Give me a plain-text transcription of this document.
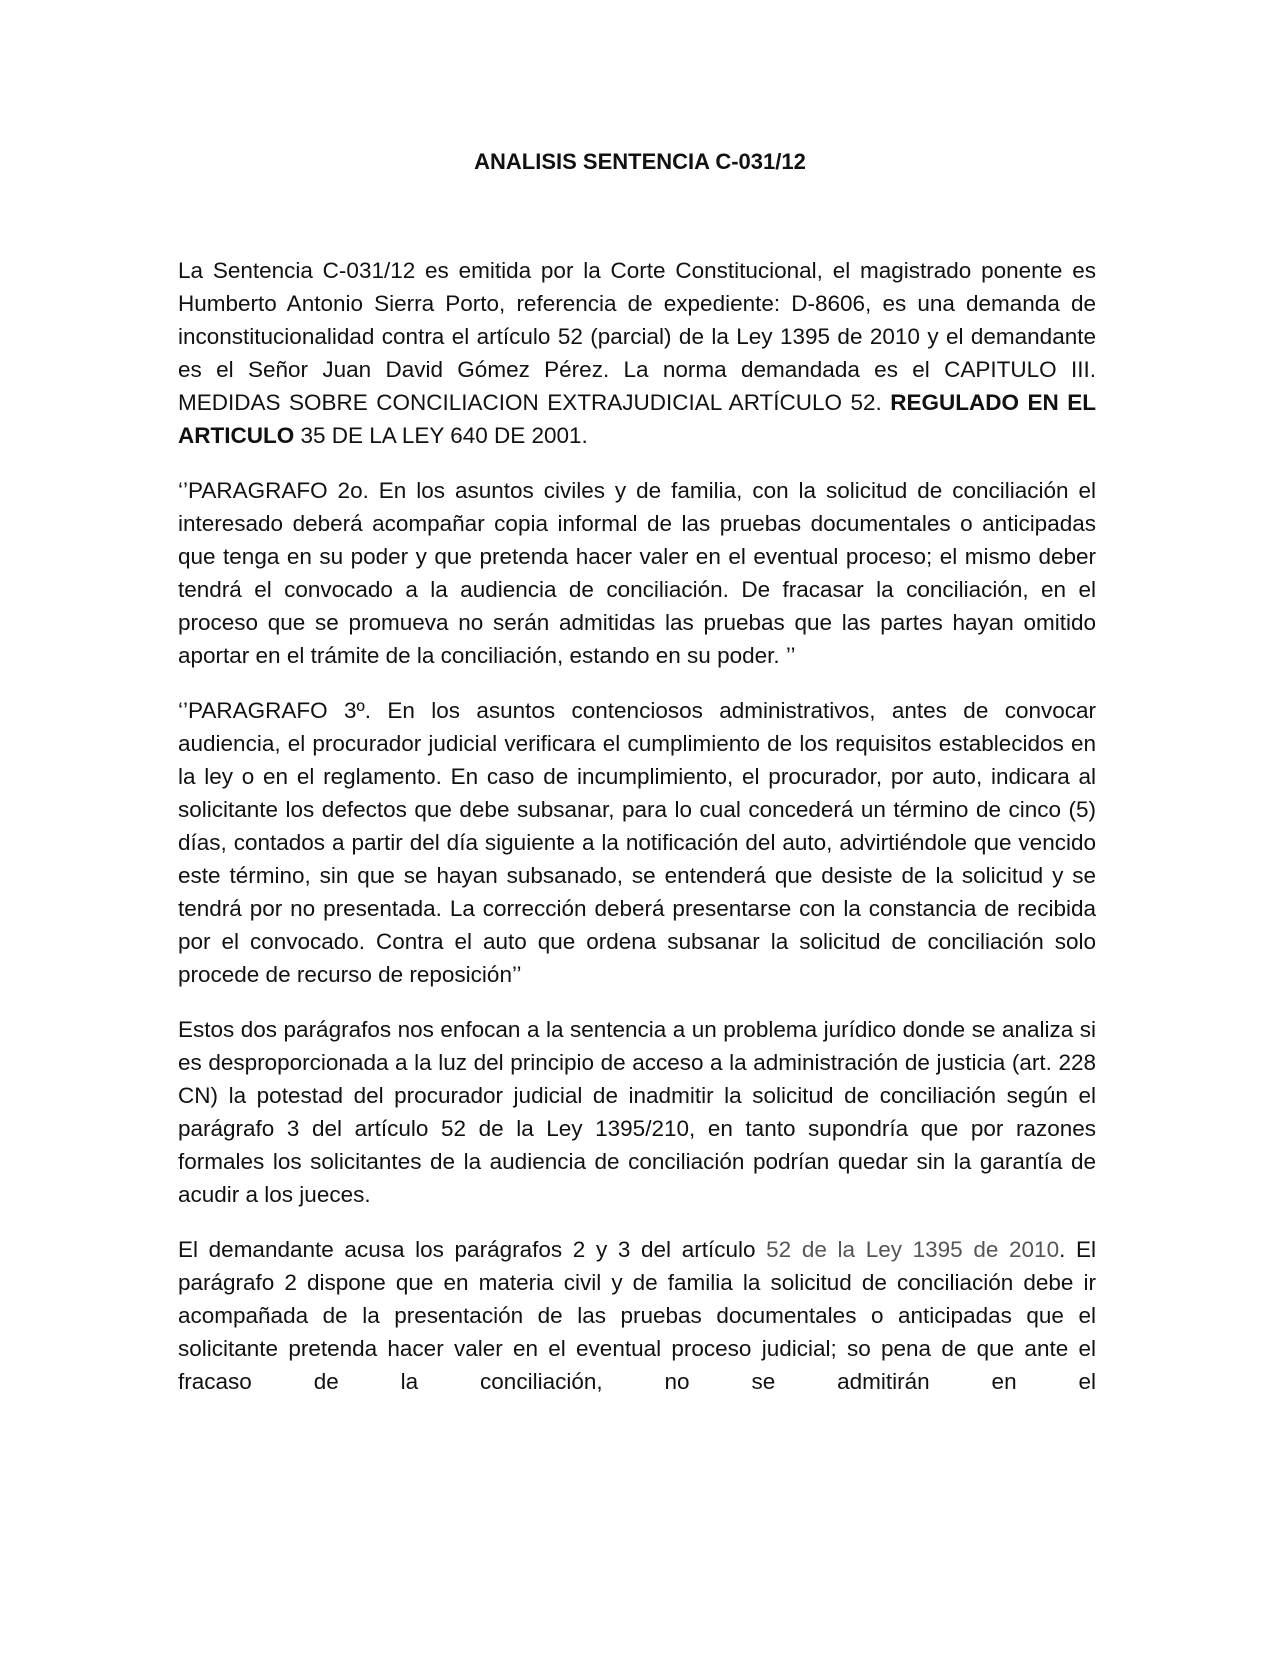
ANALISIS SENTENCIA C-031/12

La Sentencia C-031/12 es emitida por la Corte Constitucional, el magistrado ponente es Humberto Antonio Sierra Porto, referencia de expediente: D-8606, es una demanda de inconstitucionalidad contra el artículo 52 (parcial) de la Ley 1395 de 2010 y el demandante es el Señor Juan David Gómez Pérez. La norma demandada es el CAPITULO III. MEDIDAS SOBRE CONCILIACION EXTRAJUDICIAL ARTÍCULO 52. REGULADO EN EL ARTICULO 35 DE LA LEY 640 DE 2001.

‘’PARAGRAFO 2o. En los asuntos civiles y de familia, con la solicitud de conciliación el interesado deberá acompañar copia informal de las pruebas documentales o anticipadas que tenga en su poder y que pretenda hacer valer en el eventual proceso; el mismo deber tendrá el convocado a la audiencia de conciliación. De fracasar la conciliación, en el proceso que se promueva no serán admitidas las pruebas que las partes hayan omitido aportar en el trámite de la conciliación, estando en su poder. ’’

‘’PARAGRAFO 3º. En los asuntos contenciosos administrativos, antes de convocar audiencia, el procurador judicial verificara el cumplimiento de los requisitos establecidos en la ley o en el reglamento. En caso de incumplimiento, el procurador, por auto, indicara al solicitante los defectos que debe subsanar, para lo cual concederá un término de cinco (5) días, contados a partir del día siguiente a la notificación del auto, advirtiéndole que vencido este término, sin que se hayan subsanado, se entenderá que desiste de la solicitud y se tendrá por no presentada. La corrección deberá presentarse con la constancia de recibida por el convocado. Contra el auto que ordena subsanar la solicitud de conciliación solo procede de recurso de reposición’’

Estos dos parágrafos nos enfocan a la sentencia a un problema jurídico donde se analiza si es desproporcionada a la luz del principio de acceso a la administración de justicia (art. 228 CN) la potestad del procurador judicial de inadmitir la solicitud de conciliación según el parágrafo 3 del artículo 52 de la Ley 1395/210, en tanto supondría que por razones formales los solicitantes de la audiencia de conciliación podrían quedar sin la garantía de acudir a los jueces.

El demandante acusa los parágrafos 2 y 3 del artículo 52 de la Ley 1395 de 2010. El parágrafo 2 dispone que en materia civil y de familia la solicitud de conciliación debe ir acompañada de la presentación de las pruebas documentales o anticipadas que el solicitante pretenda hacer valer en el eventual proceso judicial; so pena de que ante el fracaso de la conciliación, no se admitirán en el
